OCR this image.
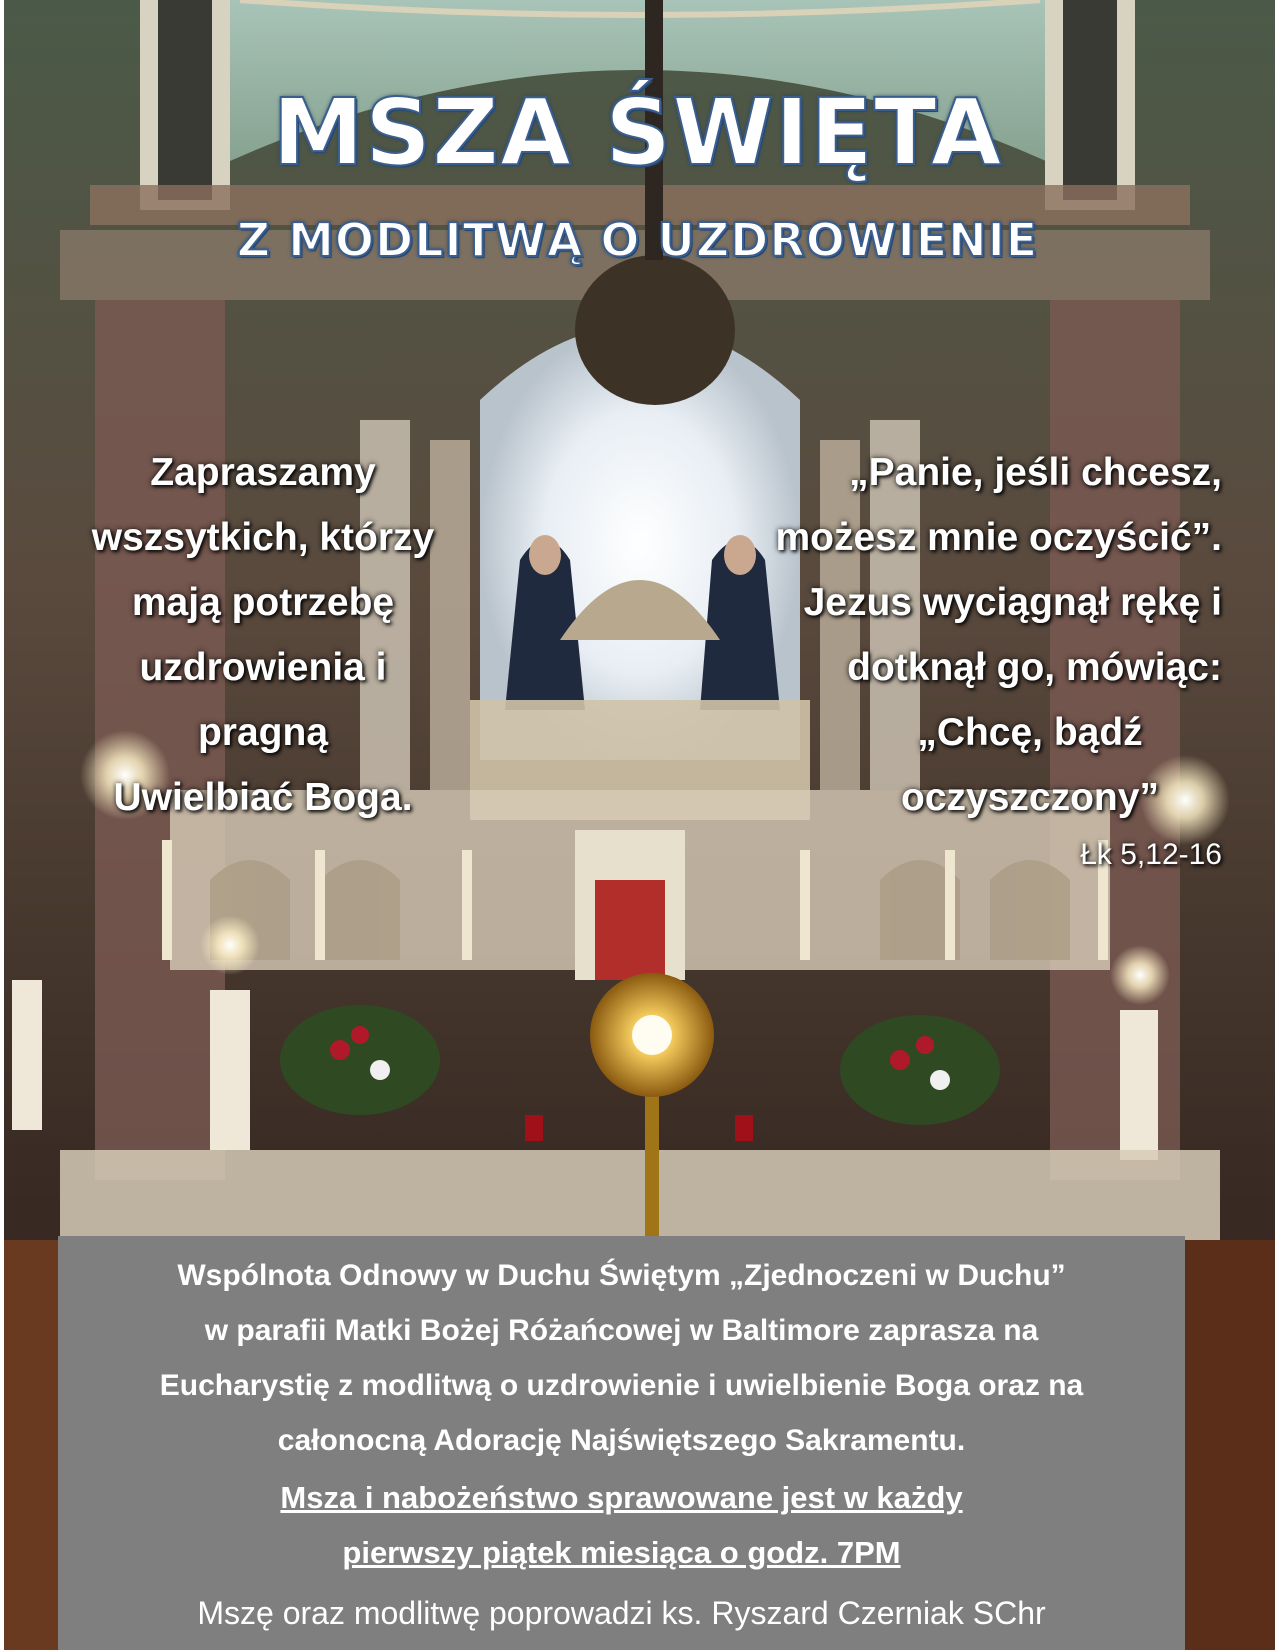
MSZA ŚWIĘTA
Z MODLITWĄ O UZDROWIENIE
Zapraszamy
wszsytkich, którzy
mają potrzebę
uzdrowienia i
pragną
Uwielbiać Boga.
„Panie, jeśli chcesz,
możesz mnie oczyścić”.
Jezus wyciągnął rękę i
dotknął go, mówiąc:
„Chcę, bądź
oczyszczony”
Łk 5,12-16
Wspólnota Odnowy w Duchu Świętym „Zjednoczeni w Duchu”
w parafii Matki Bożej Różańcowej w Baltimore zaprasza na
Eucharystię z modlitwą o uzdrowienie i uwielbienie Boga oraz na
całonocną Adorację Najświętszego Sakramentu.
Msza i nabożeństwo sprawowane jest w każdy
pierwszy piątek miesiąca o godz. 7PM
Mszę oraz modlitwę poprowadzi ks. Ryszard Czerniak SChr
